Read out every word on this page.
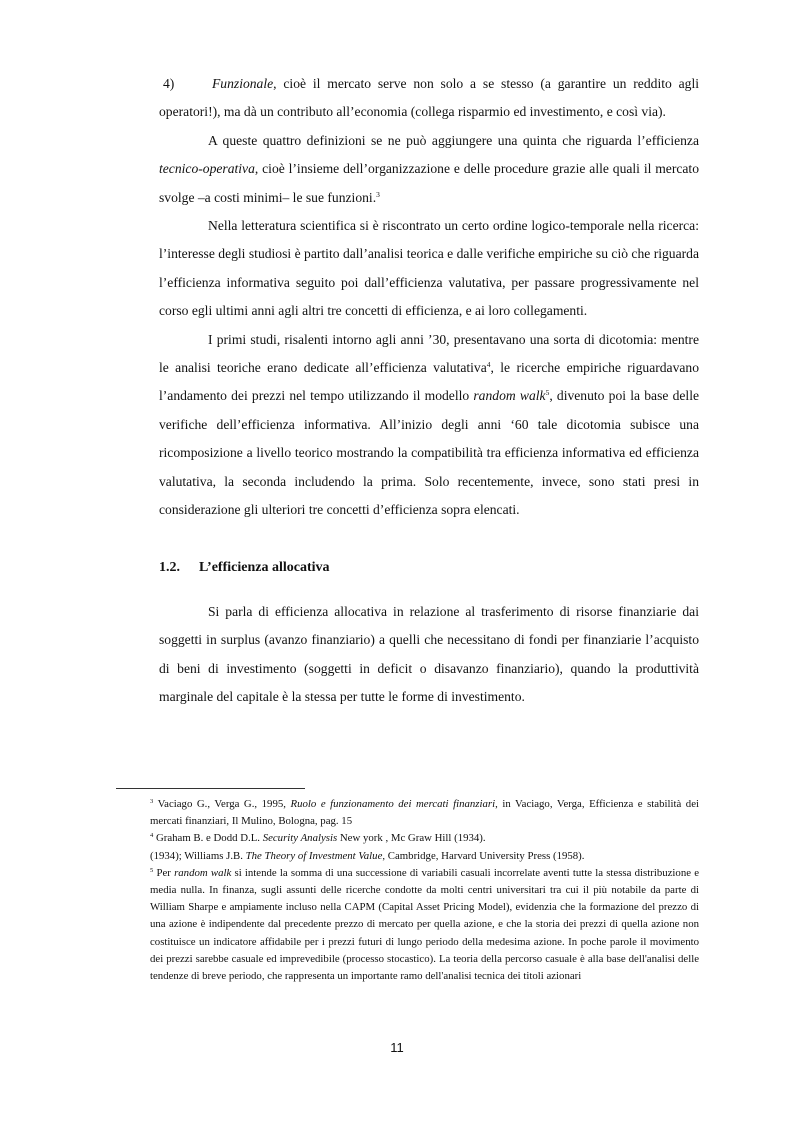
4)	Funzionale, cioè il mercato serve non solo a se stesso (a garantire un reddito agli operatori!), ma dà un contributo all’economia (collega risparmio ed investimento, e così via).

A queste quattro definizioni se ne può aggiungere una quinta che riguarda l’efficienza tecnico-operativa, cioè l’insieme dell’organizzazione e delle procedure grazie alle quali il mercato svolge –a costi minimi– le sue funzioni.$^3$

Nella letteratura scientifica si è riscontrato un certo ordine logico-temporale nella ricerca: l’interesse degli studiosi è partito dall’analisi teorica e dalle verifiche empiriche su ciò che riguarda l’efficienza informativa seguito poi dall’efficienza valutativa, per passare progressivamente nel corso egli ultimi anni agli altri tre concetti di efficienza, e ai loro collegamenti.

I primi studi, risalenti intorno agli anni ’30, presentavano una sorta di dicotomia: mentre le analisi teoriche erano dedicate all’efficienza valutativa$^4$, le ricerche empiriche riguardavano l’andamento dei prezzi nel tempo utilizzando il modello random walk$^5$, divenuto poi la base delle verifiche dell’efficienza informativa. All’inizio degli anni ‘60 tale dicotomia subisce una ricomposizione a livello teorico mostrando la compatibilità tra efficienza informativa ed efficienza valutativa, la seconda includendo la prima. Solo recentemente, invece, sono stati presi in considerazione gli ulteriori tre concetti d’efficienza sopra elencati.

1.2. L’efficienza allocativa

Si parla di efficienza allocativa in relazione al trasferimento di risorse finanziarie dai soggetti in surplus (avanzo finanziario) a quelli che necessitano di fondi per finanziarie l’acquisto di beni di investimento (soggetti in deficit o disavanzo finanziario), quando la produttività marginale del capitale è la stessa per tutte le forme di investimento.

$^3$ Vaciago G., Verga G., 1995, Ruolo e funzionamento dei mercati finanziari, in Vaciago, Verga, Efficienza e stabilità dei mercati finanziari, Il Mulino, Bologna, pag. 15

$^4$ Graham B. e Dodd D.L. Security Analysis New york , Mc Graw Hill (1934).

(1934); Williams J.B. The Theory of Investment Value, Cambridge, Harvard University Press (1958).

$^5$ Per random walk si intende la somma di una successione di variabili casuali incorrelate aventi tutte la stessa distribuzione e media nulla. In finanza, sugli assunti delle ricerche condotte da molti centri universitari tra cui il più notabile da parte di William Sharpe e ampiamente incluso nella CAPM (Capital Asset Pricing Model), evidenzia che la formazione del prezzo di una azione è indipendente dal precedente prezzo di mercato per quella azione, e che la storia dei prezzi di quella azione non costituisce un indicatore affidabile per i prezzi futuri di lungo periodo della medesima azione. In poche parole il movimento dei prezzi sarebbe casuale ed imprevedibile (processo stocastico). La teoria della percorso casuale è alla base dell'analisi delle tendenze di breve periodo, che rappresenta un importante ramo dell'analisi tecnica dei titoli azionari

11
